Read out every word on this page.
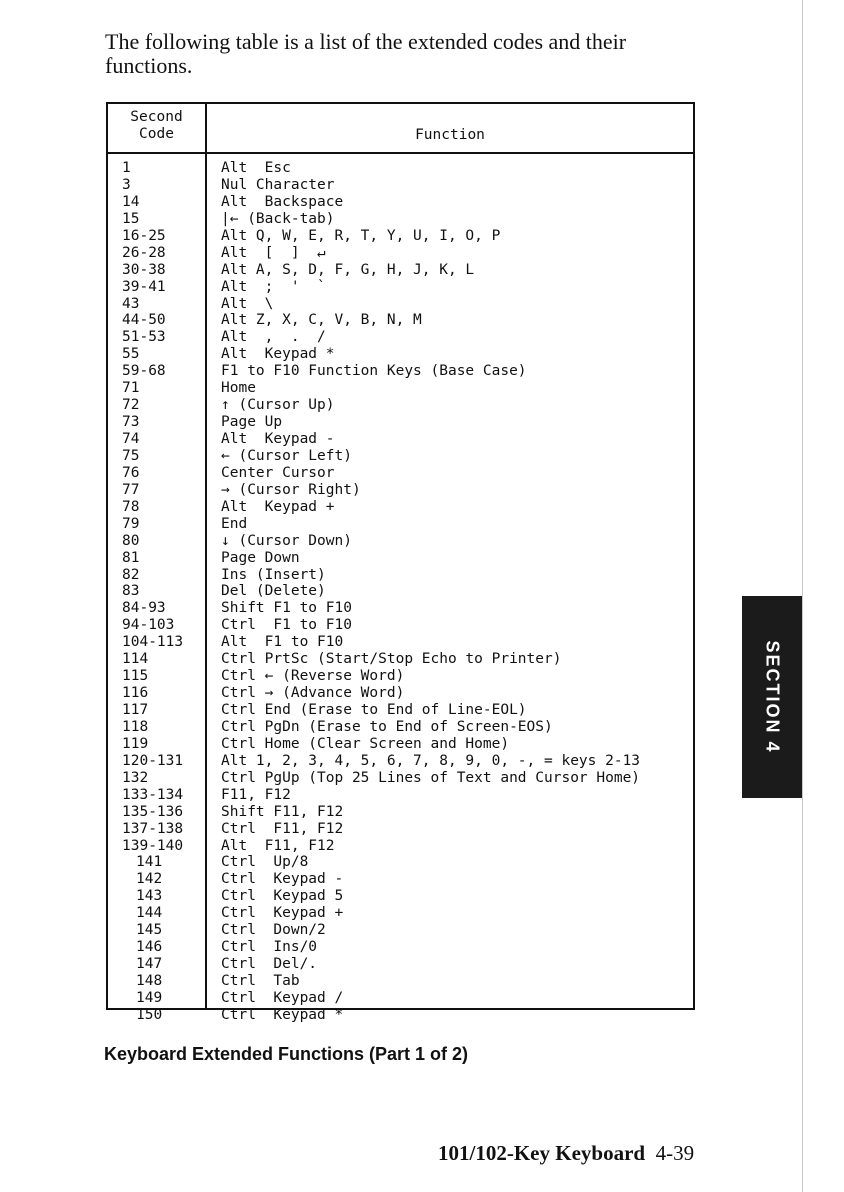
The following table is a list of the extended codes and their functions.
Second
Code	Function
1	Alt  Esc
3	Nul Character
14	Alt  Backspace
15	|← (Back-tab)
16-25	Alt Q, W, E, R, T, Y, U, I, O, P
26-28	Alt  [  ]  ↵
30-38	Alt A, S, D, F, G, H, J, K, L
39-41	Alt  ;  '  `
43	Alt  \
44-50	Alt Z, X, C, V, B, N, M
51-53	Alt  ,  .  /
55	Alt  Keypad *
59-68	F1 to F10 Function Keys (Base Case)
71	Home
72	↑ (Cursor Up)
73	Page Up
74	Alt  Keypad -
75	← (Cursor Left)
76	Center Cursor
77	→ (Cursor Right)
78	Alt  Keypad +
79	End
80	↓ (Cursor Down)
81	Page Down
82	Ins (Insert)
83	Del (Delete)
84-93	Shift F1 to F10
94-103	Ctrl  F1 to F10
104-113	Alt  F1 to F10
114	Ctrl PrtSc (Start/Stop Echo to Printer)
115	Ctrl ← (Reverse Word)
116	Ctrl → (Advance Word)
117	Ctrl End (Erase to End of Line-EOL)
118	Ctrl PgDn (Erase to End of Screen-EOS)
119	Ctrl Home (Clear Screen and Home)
120-131	Alt 1, 2, 3, 4, 5, 6, 7, 8, 9, 0, -, = keys 2-13
132	Ctrl PgUp (Top 25 Lines of Text and Cursor Home)
133-134	F11, F12
135-136	Shift F11, F12
137-138	Ctrl  F11, F12
139-140	Alt  F11, F12
141	Ctrl  Up/8
142	Ctrl  Keypad -
143	Ctrl  Keypad 5
144	Ctrl  Keypad +
145	Ctrl  Down/2
146	Ctrl  Ins/0
147	Ctrl  Del/.
148	Ctrl  Tab
149	Ctrl  Keypad /
150	Ctrl  Keypad *
Keyboard Extended Functions (Part 1 of 2)
101/102-Key Keyboard 4-39
SECTION 4
